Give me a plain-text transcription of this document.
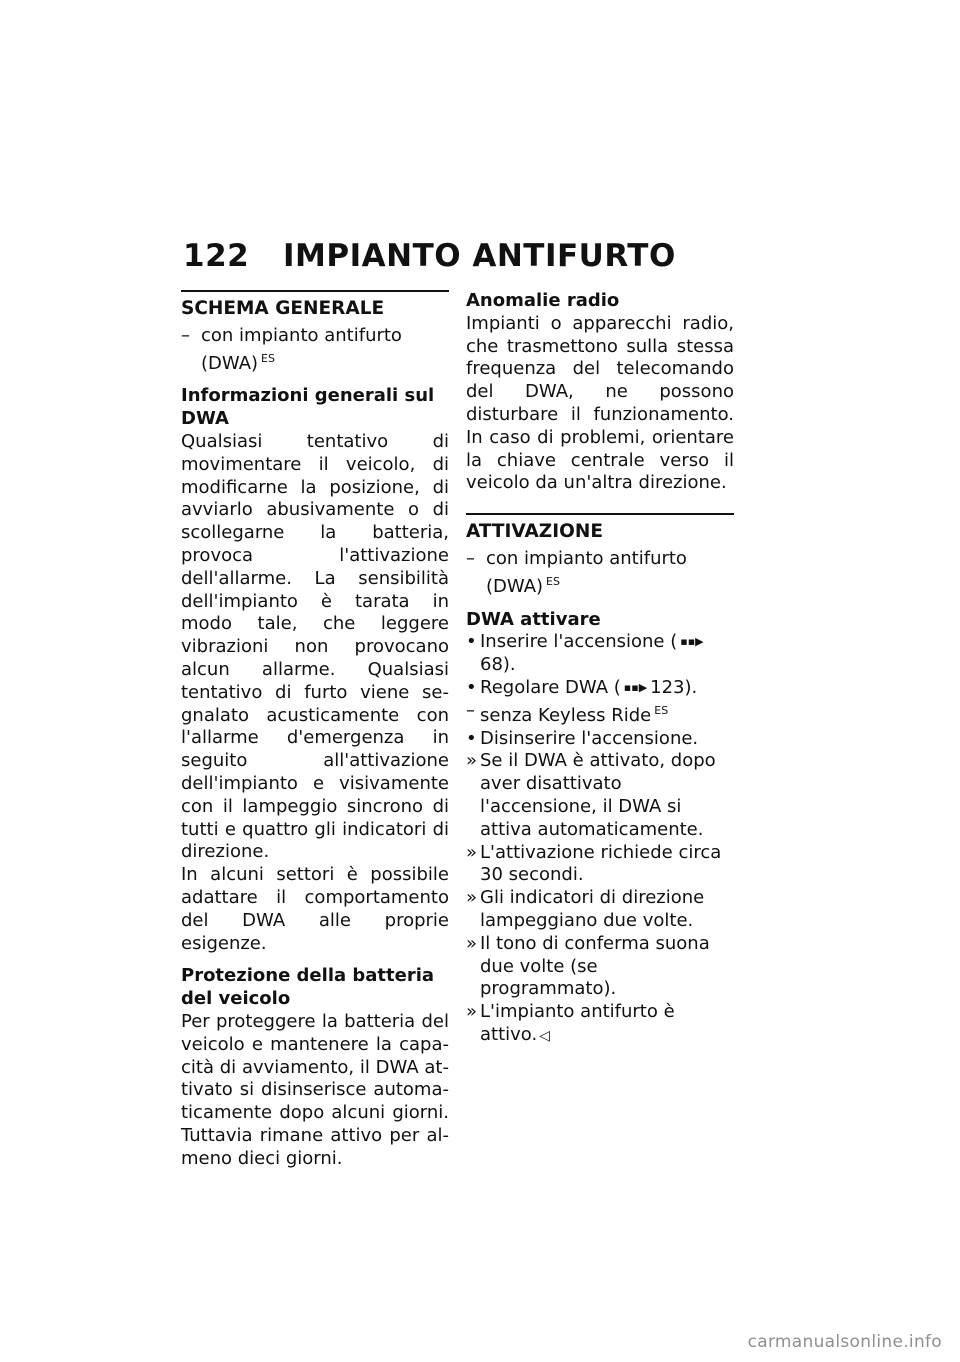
122 IMPIANTO ANTIFURTO
SCHEMA GENERALE

– con impianto antifurto (DWA) $^{ES}$

Informazioni generali sul DWA

Qualsiasi tentativo di movimentare il veicolo, di modificarne la posizione, di avviarlo abusivamente o di scollegarne la batteria, provoca l'attivazione dell'allarme. La sensibilità dell'impianto è tarata in modo tale, che leggere vibrazioni non provocano alcun allarme. Qualsiasi tentativo di furto viene segnalato acusticamente con l'allarme d'emergenza in seguito all'attivazione dell'impianto e visivamente con il lampeggio sincrono di tutti e quattro gli indicatori di direzione.

In alcuni settori è possibile adattare il comportamento del DWA alle proprie esigenze.

Protezione della batteria del veicolo

Per proteggere la batteria del veicolo e mantenere la capacità di avviamento, il DWA attivato si disinserisce automaticamente dopo alcuni giorni. Tuttavia rimane attivo per almeno dieci giorni.

Anomalie radio

Impianti o apparecchi radio, che trasmettono sulla stessa frequenza del telecomando del DWA, ne possono disturbare il funzionamento. In caso di problemi, orientare la chiave centrale verso il veicolo da un'altra direzione.

ATTIVAZIONE

– con impianto antifurto (DWA) $^{ES}$

DWA attivare

• Inserire l'accensione ( ▪▪▶68).

• Regolare DWA ( ▪▪▶ 123).

– senza Keyless Ride $^{ES}$

• Disinserire l'accensione.

» Se il DWA è attivato, dopo aver disattivato l'accensione, il DWA si attiva automaticamente.

» L'attivazione richiede circa 30 secondi.

» Gli indicatori di direzione lampeggiano due volte.

» Il tono di conferma suona due volte (se programmato).

» L'impianto antifurto è attivo. ◁

carmanualsonline.info
